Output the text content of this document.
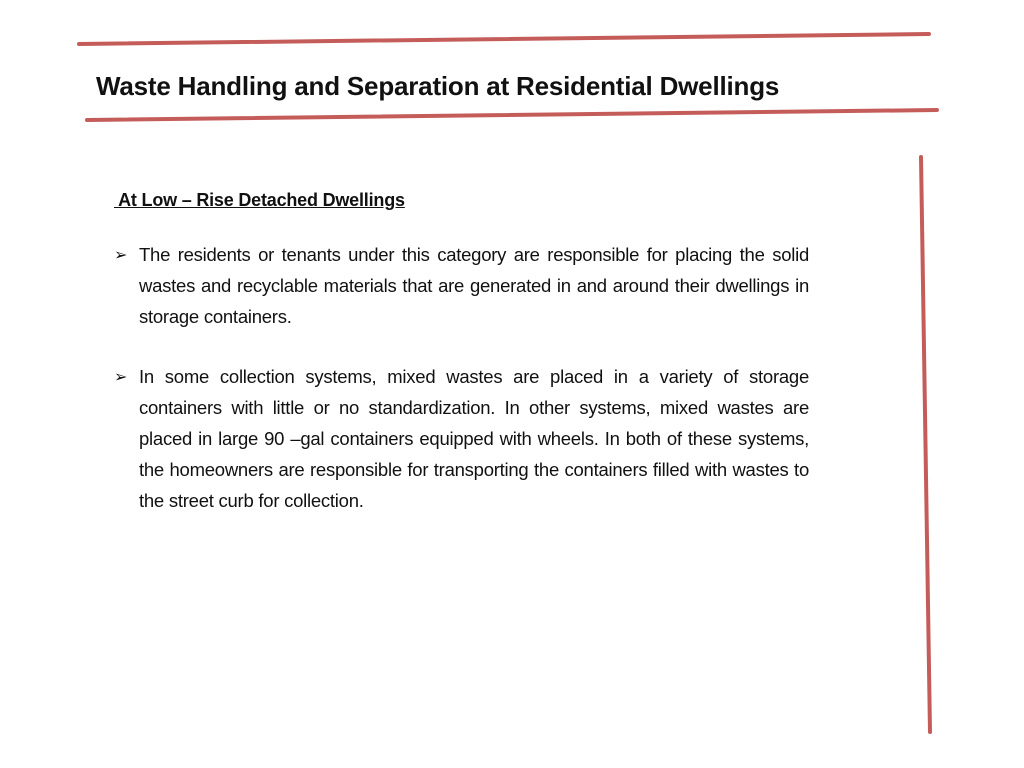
Waste Handling and Separation at Residential Dwellings
At Low – Rise Detached Dwellings
➢ The residents or tenants under this category are responsible for placing the solid wastes and recyclable materials that are generated in and around their dwellings in storage containers.
➢ In some collection systems, mixed wastes are placed in a variety of storage containers with little or no standardization. In other systems, mixed wastes are placed in large 90 –gal containers equipped with wheels. In both of these systems, the homeowners are responsible for transporting the containers filled with wastes to the street curb for collection.
